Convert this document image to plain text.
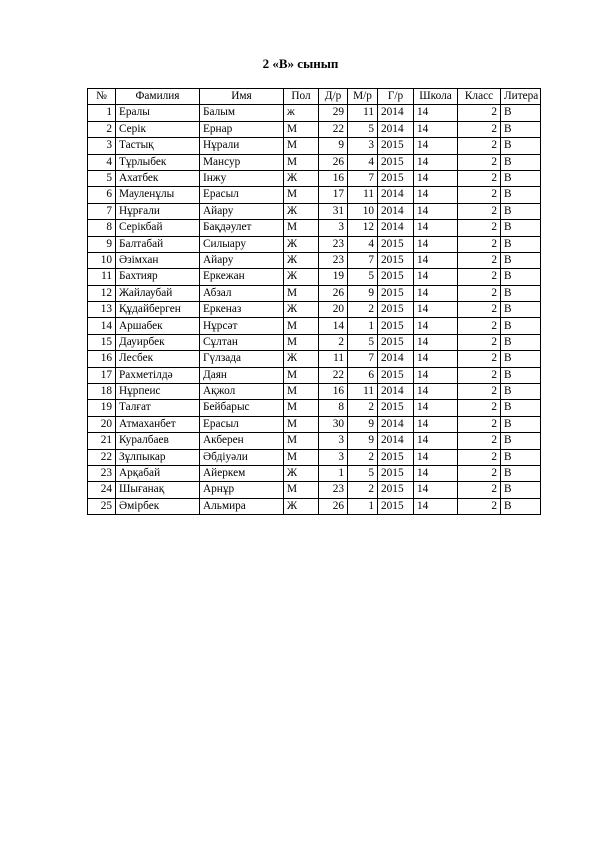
2 «В» сынып
№	Фамилия	Имя	Пол	Д/р	М/р	Г/р	Школа	Класс	Литера
1	Ералы	Балым	ж	29	11	2014	14	2	В
2	Серік	Ернар	М	22	5	2014	14	2	В
3	Тастық	Нұрали	М	9	3	2015	14	2	В
4	Тұрлыбек	Мансур	М	26	4	2015	14	2	В
5	Ахатбек	Інжу	Ж	16	7	2015	14	2	В
6	Мауленұлы	Ерасыл	М	17	11	2014	14	2	В
7	Нұрғали	Айару	Ж	31	10	2014	14	2	В
8	Серікбай	Бақдәулет	М	3	12	2014	14	2	В
9	Балтабай	Силыару	Ж	23	4	2015	14	2	В
10	Әзімхан	Айару	Ж	23	7	2015	14	2	В
11	Бахтияр	Еркежан	Ж	19	5	2015	14	2	В
12	Жайлаубай	Абзал	М	26	9	2015	14	2	В
13	Құдайберген	Еркеназ	Ж	20	2	2015	14	2	В
14	Аршабек	Нұрсәт	М	14	1	2015	14	2	В
15	Дауирбек	Сұлтан	М	2	5	2015	14	2	В
16	Лесбек	Гүлзада	Ж	11	7	2014	14	2	В
17	Рахметілдә	Даян	М	22	6	2015	14	2	В
18	Нұрпеис	Ақжол	М	16	11	2014	14	2	В
19	Талғат	Бейбарыс	М	8	2	2015	14	2	В
20	Атмаханбет	Ерасыл	М	30	9	2014	14	2	В
21	Куралбаев	Акберен	М	3	9	2014	14	2	В
22	Зұлпыкар	Әбдіуәли	М	3	2	2015	14	2	В
23	Арқабай	Айеркем	Ж	1	5	2015	14	2	В
24	Шығанақ	Арнұр	М	23	2	2015	14	2	В
25	Әмірбек	Альмира	Ж	26	1	2015	14	2	В
